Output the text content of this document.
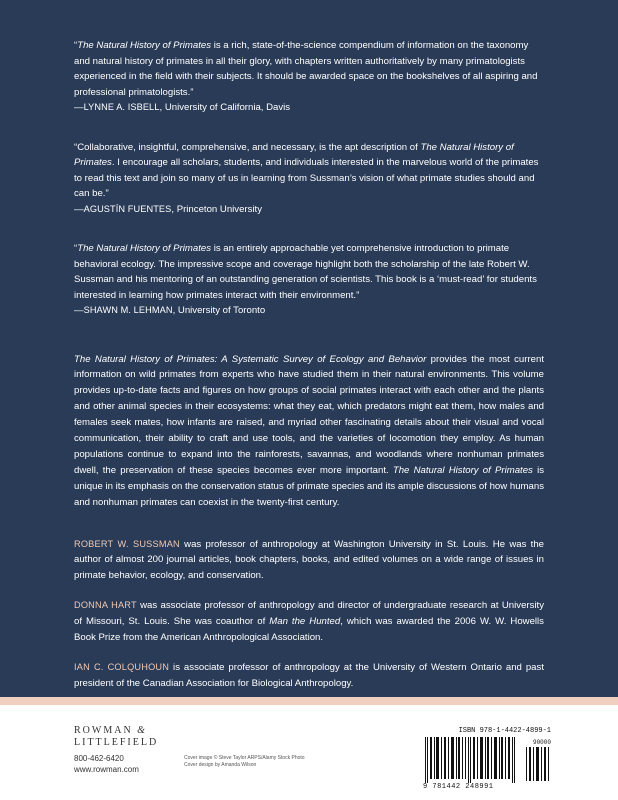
“The Natural History of Primates is a rich, state-of-the-science compendium of information on the taxonomy and natural history of primates in all their glory, with chapters written authoritatively by many primatologists experienced in the field with their subjects. It should be awarded space on the bookshelves of all aspiring and professional primatologists.”

—LYNNE A. ISBELL, University of California, Davis

“Collaborative, insightful, comprehensive, and necessary, is the apt description of The Natural History of Primates. I encourage all scholars, students, and individuals interested in the marvelous world of the primates to read this text and join so many of us in learning from Sussman’s vision of what primate studies should and can be.”

—AGUSTÍN FUENTES, Princeton University

“The Natural History of Primates is an entirely approachable yet comprehensive introduction to primate behavioral ecology. The impressive scope and coverage highlight both the scholarship of the late Robert W. Sussman and his mentoring of an outstanding generation of scientists. This book is a ‘must-read’ for students interested in learning how primates interact with their environment.”

—SHAWN M. LEHMAN, University of Toronto

The Natural History of Primates: A Systematic Survey of Ecology and Behavior provides the most current information on wild primates from experts who have studied them in their natural environments. This volume provides up-to-date facts and figures on how groups of social primates interact with each other and the plants and other animal species in their ecosystems: what they eat, which predators might eat them, how males and females seek mates, how infants are raised, and myriad other fascinating details about their visual and vocal communication, their ability to craft and use tools, and the varieties of locomotion they employ. As human populations continue to expand into the rainforests, savannas, and woodlands where nonhuman primates dwell, the preservation of these species becomes ever more important. The Natural History of Primates is unique in its emphasis on the conservation status of primate species and its ample discussions of how humans and nonhuman primates can coexist in the twenty-first century.

ROBERT W. SUSSMAN was professor of anthropology at Washington University in St. Louis. He was the author of almost 200 journal articles, book chapters, books, and edited volumes on a wide range of issues in primate behavior, ecology, and conservation.

DONNA HART was associate professor of anthropology and director of undergraduate research at University of Missouri, St. Louis. She was coauthor of Man the Hunted, which was awarded the 2006 W. W. Howells Book Prize from the American Anthropological Association.

IAN C. COLQUHOUN is associate professor of anthropology at the University of Western Ontario and past president of the Canadian Association for Biological Anthropology.

ROWMAN &
LITTLEFIELD
800-462-6420
www.rowman.com
Cover image © Steve Taylor ARPS/Alamy Stock Photo
Cover design by Amanda Wilson
ISBN 978-1-4422-4899-1
90000
9 781442 248991
